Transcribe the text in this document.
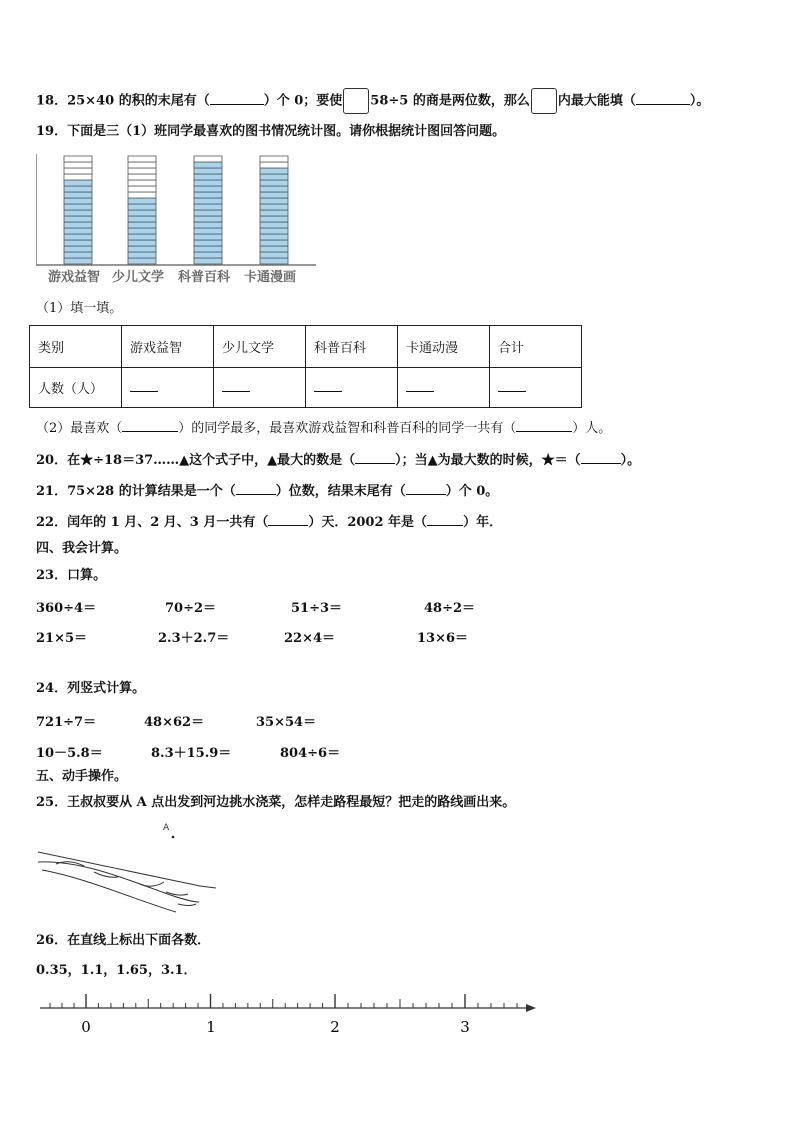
18．25×40 的积的末尾有（	）个 0；要使 58÷5 的商是两位数，那么 内最大能填（	）。
19．下面是三（1）班同学最喜欢的图书情况统计图。请你根据统计图回答问题。
游戏益智 少儿文学 科普百科 卡通漫画
（1）填一填。
类别	游戏益智	少儿文学	科普百科	卡通动漫	合计
人数（人）					
（2）最喜欢（	）的同学最多，最喜欢游戏益智和科普百科的同学一共有（	）人。
20．在★÷18＝37……▲这个式子中，▲最大的数是（	）；当▲为最大数的时候，★＝（	）。
21．75×28 的计算结果是一个（	）位数，结果末尾有（	）个 0。
22．闰年的 1 月、2 月、3 月一共有（	）天．2002 年是（	）年．
四、我会计算。
23．口算。
360÷4＝	70÷2＝	51÷3＝	48÷2＝
21×5＝	2.3＋2.7＝	22×4＝	13×6＝
24．列竖式计算。
721÷7＝	48×62＝	35×54＝
10－5.8＝	8.3＋15.9＝	804÷6＝
五、动手操作。
25．王叔叔要从 A 点出发到河边挑水浇菜，怎样走路程最短？把走的路线画出来。
A
26．在直线上标出下面各数．
0.35，1.1，1.65，3.1．
0	1	2	3
